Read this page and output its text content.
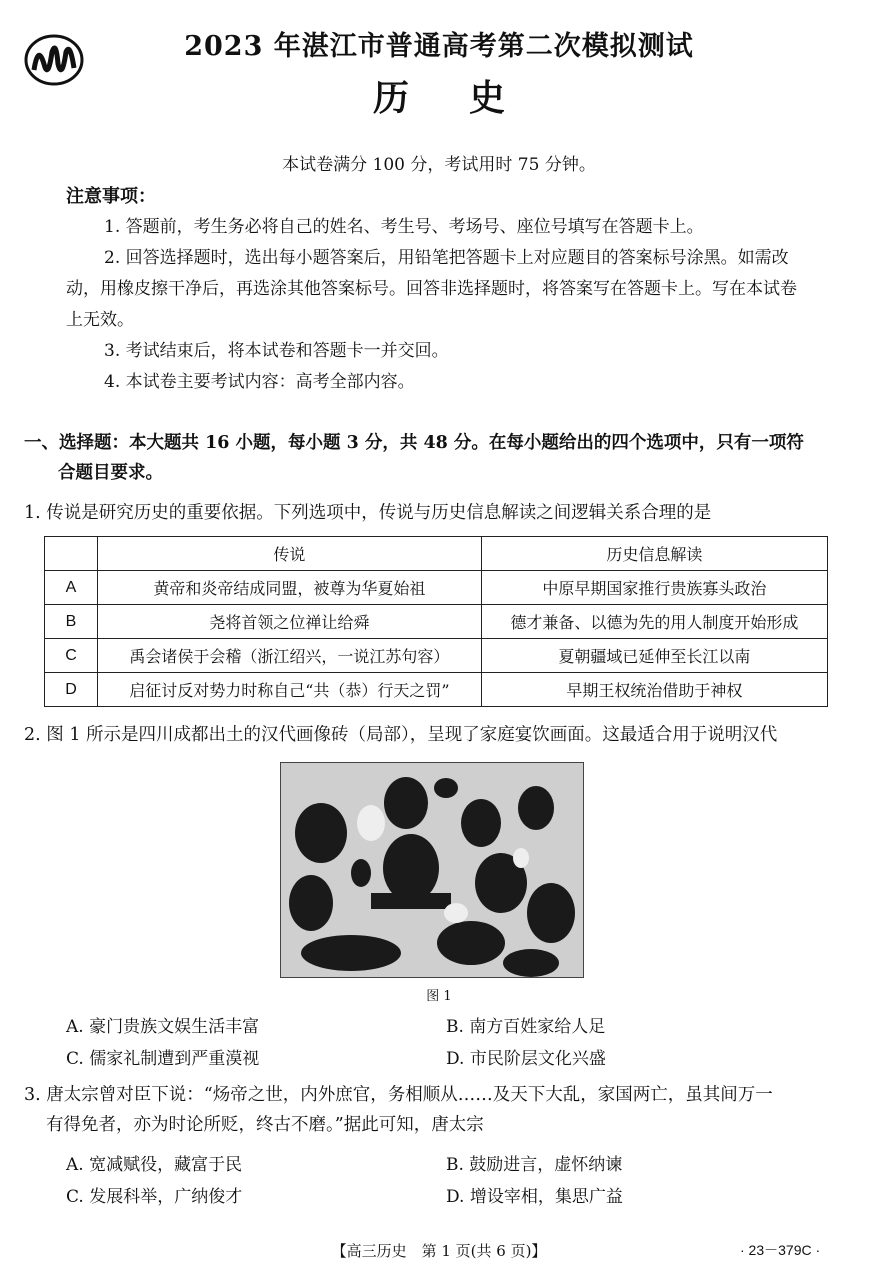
2023 年湛江市普通高考第二次模拟测试
历史
本试卷满分 100 分，考试用时 75 分钟。
注意事项：

1. 答题前，考生务必将自己的姓名、考生号、考场号、座位号填写在答题卡上。

2. 回答选择题时，选出每小题答案后，用铅笔把答题卡上对应题目的答案标号涂黑。如需改动，用橡皮擦干净后，再选涂其他答案标号。回答非选择题时，将答案写在答题卡上。写在本试卷上无效。

3. 考试结束后，将本试卷和答题卡一并交回。

4. 本试卷主要考试内容：高考全部内容。

一、选择题：本大题共 16 小题，每小题 3 分，共 48 分。在每小题给出的四个选项中，只有一项符
合题目要求。
1. 传说是研究历史的重要依据。下列选项中，传说与历史信息解读之间逻辑关系合理的是
	传说	历史信息解读
A	黄帝和炎帝结成同盟，被尊为华夏始祖	中原早期国家推行贵族寡头政治
B	尧将首领之位禅让给舜	德才兼备、以德为先的用人制度开始形成
C	禹会诸侯于会稽（浙江绍兴，一说江苏句容）	夏朝疆域已延伸至长江以南
D	启征讨反对势力时称自己“共（恭）行天之罚”	早期王权统治借助于神权
2. 图 1 所示是四川成都出土的汉代画像砖（局部），呈现了家庭宴饮画面。这最适合用于说明汉代
图 1
A. 豪门贵族文娱生活丰富	B. 南方百姓家给人足
C. 儒家礼制遭到严重漠视	D. 市民阶层文化兴盛
3. 唐太宗曾对臣下说：“炀帝之世，内外庶官，务相顺从……及天下大乱，家国两亡，虽其间万一
有得免者，亦为时论所贬，终古不磨。”据此可知，唐太宗
A. 宽减赋役，藏富于民	B. 鼓励进言，虚怀纳谏
C. 发展科举，广纳俊才	D. 增设宰相，集思广益
【高三历史　第 1 页(共 6 页)】	· 23－379C ·
